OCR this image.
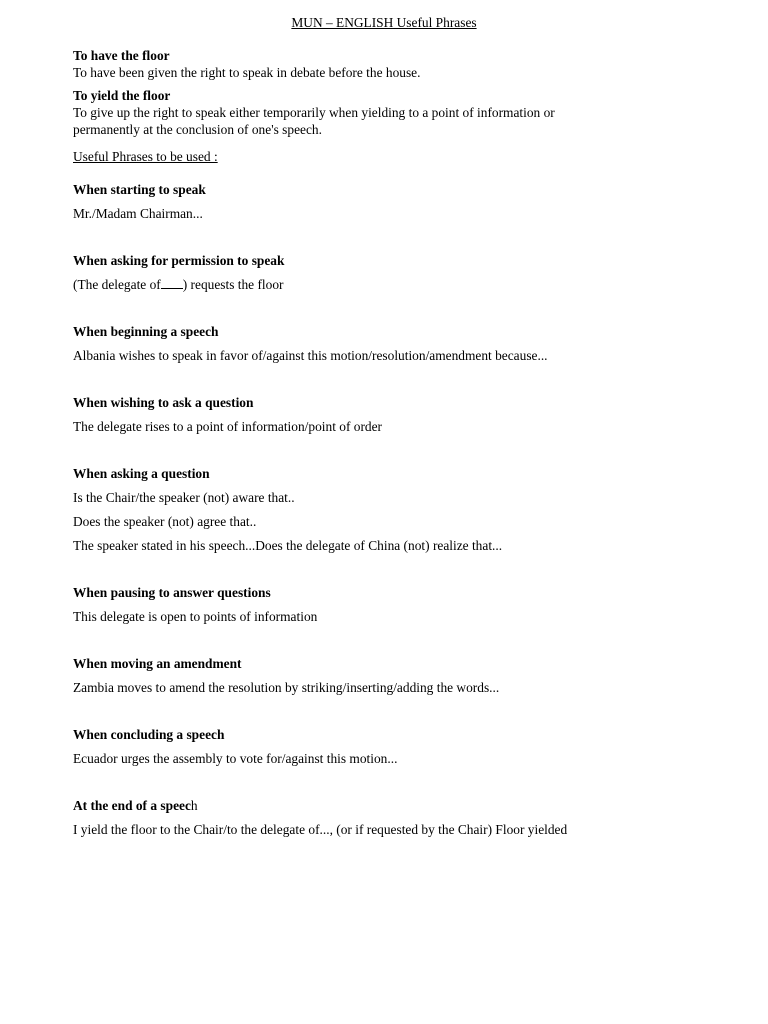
MUN – ENGLISH Useful Phrases
To have the floor
To have been given the right to speak in debate before the house.
To yield the floor
To give up the right to speak either temporarily when yielding to a point of information or
permanently at the conclusion of one's speech.
Useful Phrases to be used :
When starting to speak
Mr./Madam Chairman...
When asking for permission to speak
(The delegate of ) requests the floor
When beginning a speech
Albania wishes to speak in favor of/against this motion/resolution/amendment because...
When wishing to ask a question
The delegate rises to a point of information/point of order
When asking a question
Is the Chair/the speaker (not) aware that..
Does the speaker (not) agree that..
The speaker stated in his speech...Does the delegate of China (not) realize that...
When pausing to answer questions
This delegate is open to points of information
When moving an amendment
Zambia moves to amend the resolution by striking/inserting/adding the words...
When concluding a speech
Ecuador urges the assembly to vote for/against this motion...
At the end of a speech
I yield the floor to the Chair/to the delegate of..., (or if requested by the Chair) Floor yielded
